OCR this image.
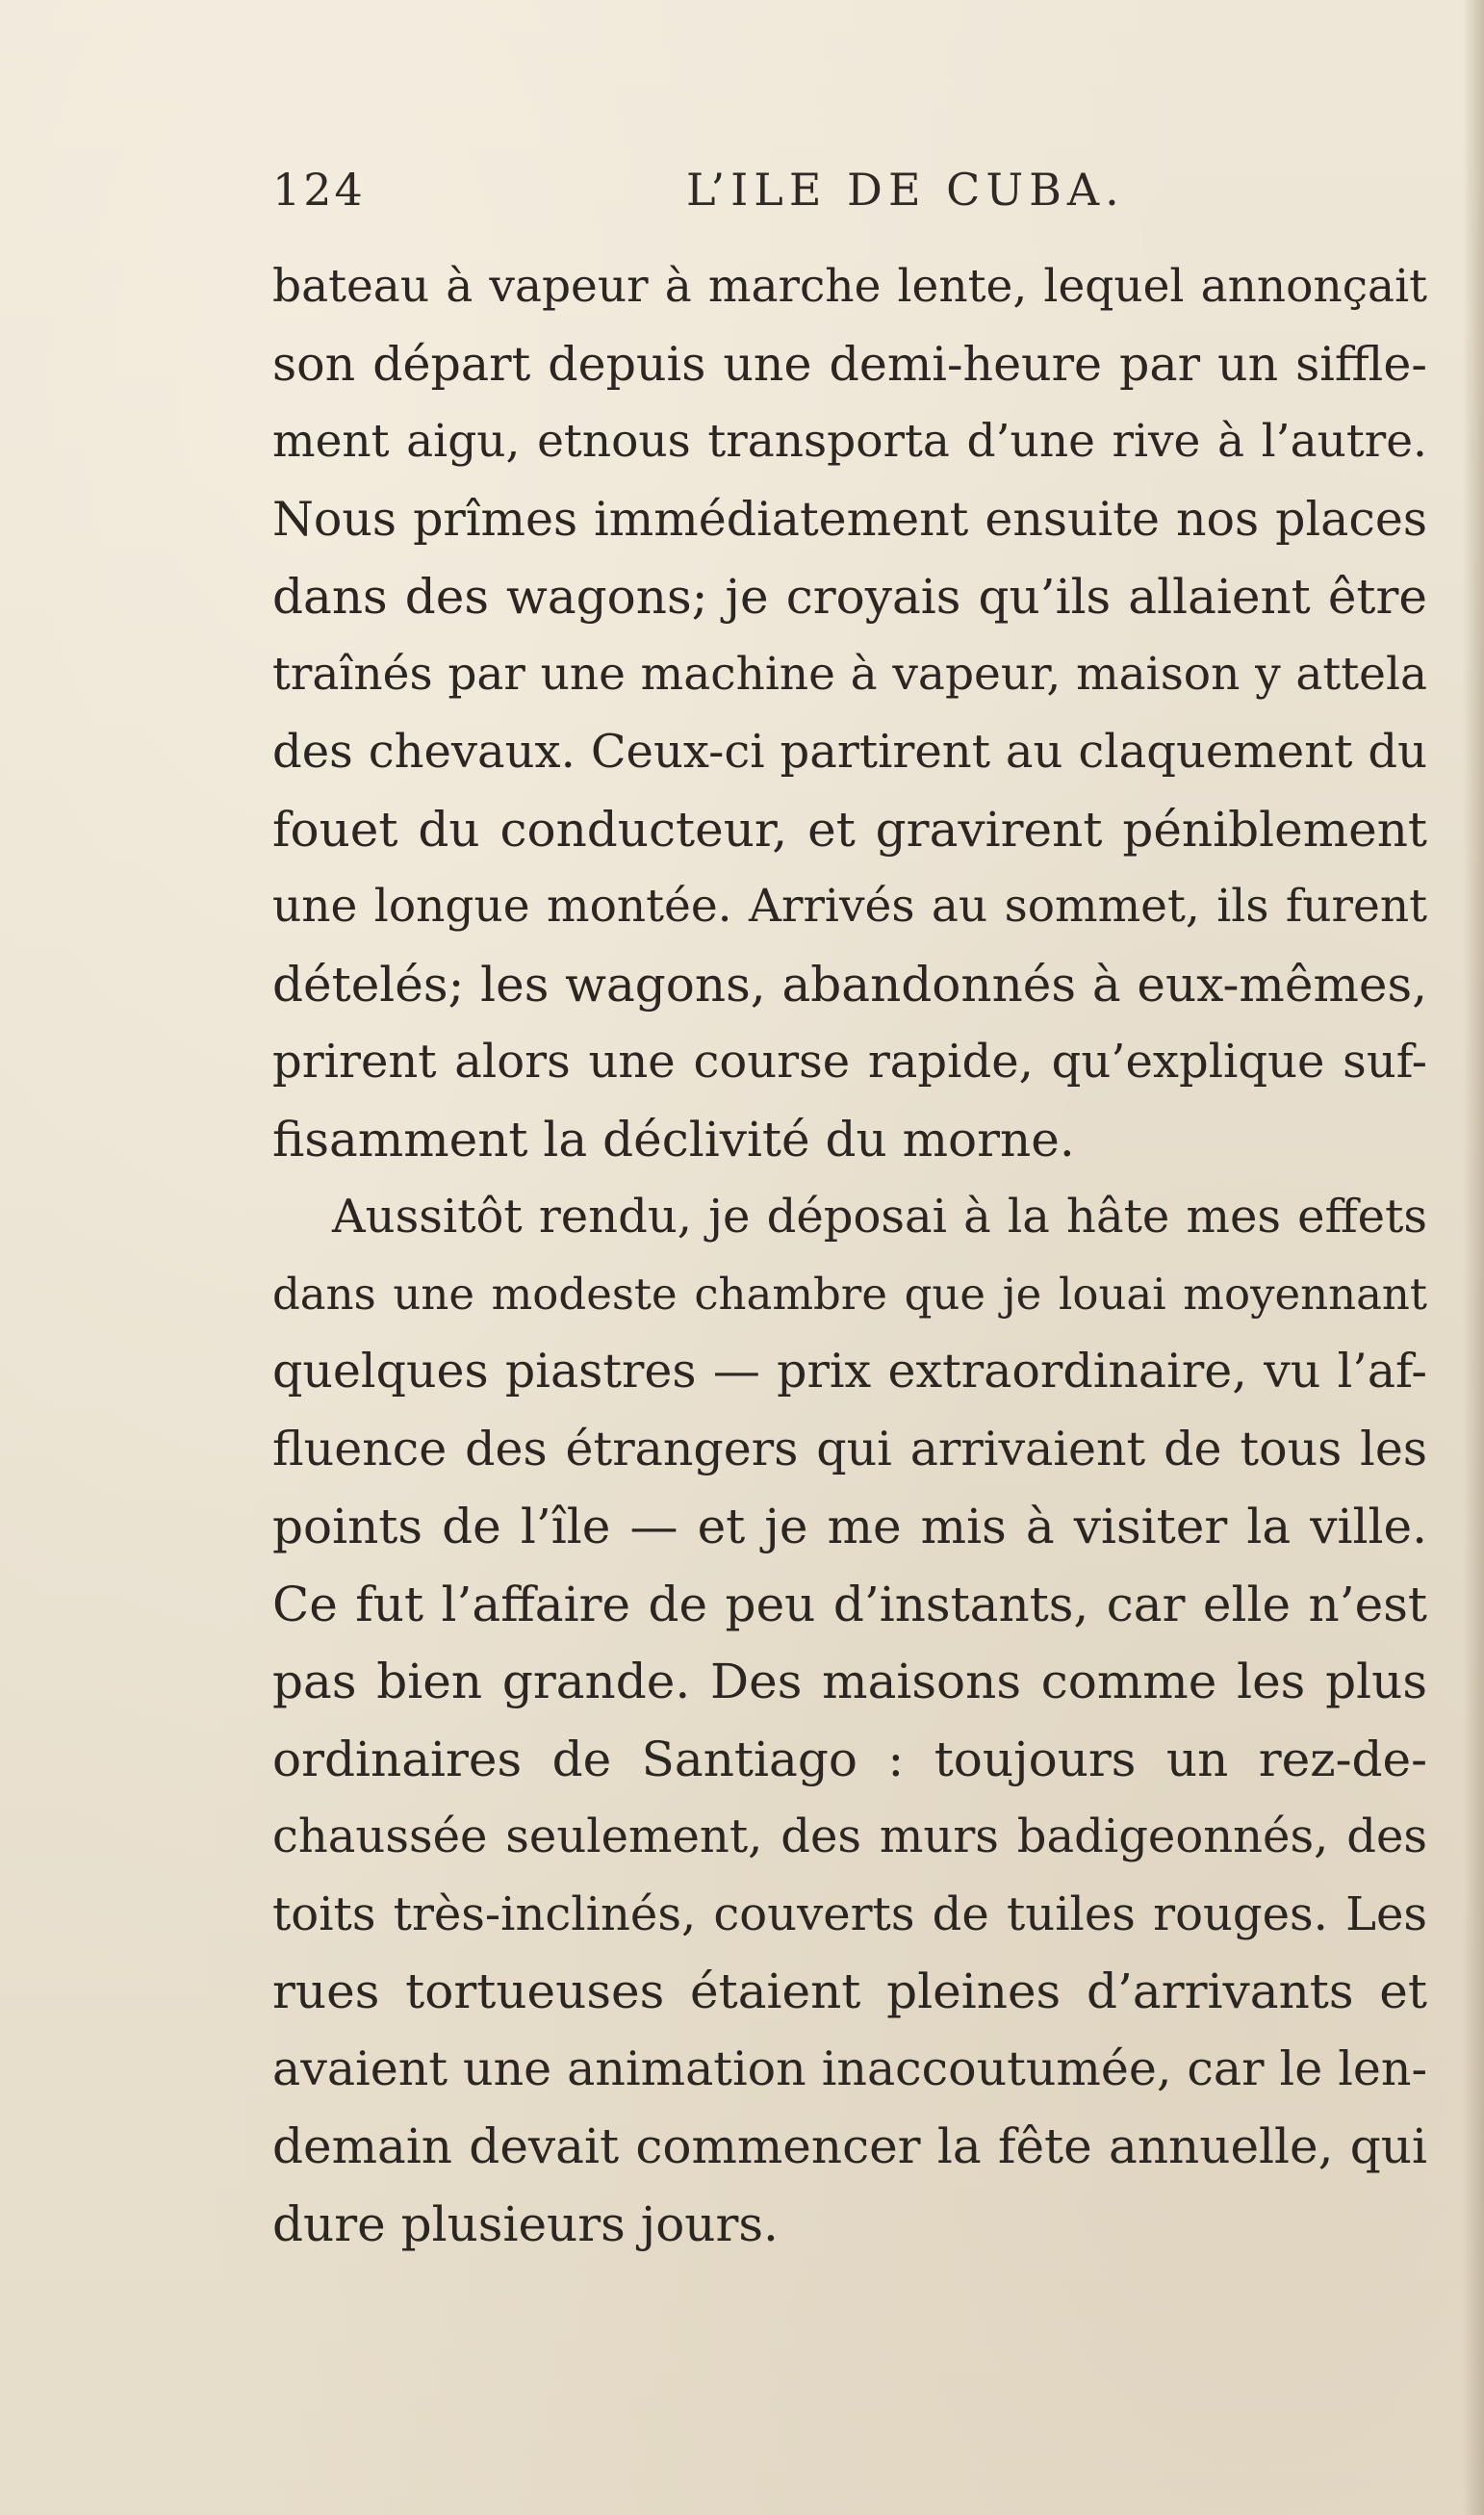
124	L’ILE DE CUBA.
bateau à vapeur à marche lente, lequel annonçait
son départ depuis une demi-heure par un siffle-
ment aigu, etnous transporta d’une rive à l’autre.
Nous prîmes immédiatement ensuite nos places
dans des wagons; je croyais qu’ils allaient être
traînés par une machine à vapeur, maison y attela
des chevaux. Ceux-ci partirent au claquement du
fouet du conducteur, et gravirent péniblement
une longue montée. Arrivés au sommet, ils furent
dételés; les wagons, abandonnés à eux-mêmes,
prirent alors une course rapide, qu’explique suf-
fisamment la déclivité du morne.
Aussitôt rendu, je déposai à la hâte mes effets
dans une modeste chambre que je louai moyennant
quelques piastres — prix extraordinaire, vu l’af-
fluence des étrangers qui arrivaient de tous les
points de l’île — et je me mis à visiter la ville.
Ce fut l’affaire de peu d’instants, car elle n’est
pas bien grande. Des maisons comme les plus
ordinaires de Santiago : toujours un rez-de-
chaussée seulement, des murs badigeonnés, des
toits très-inclinés, couverts de tuiles rouges. Les
rues tortueuses étaient pleines d’arrivants et
avaient une animation inaccoutumée, car le len-
demain devait commencer la fête annuelle, qui
dure plusieurs jours.
